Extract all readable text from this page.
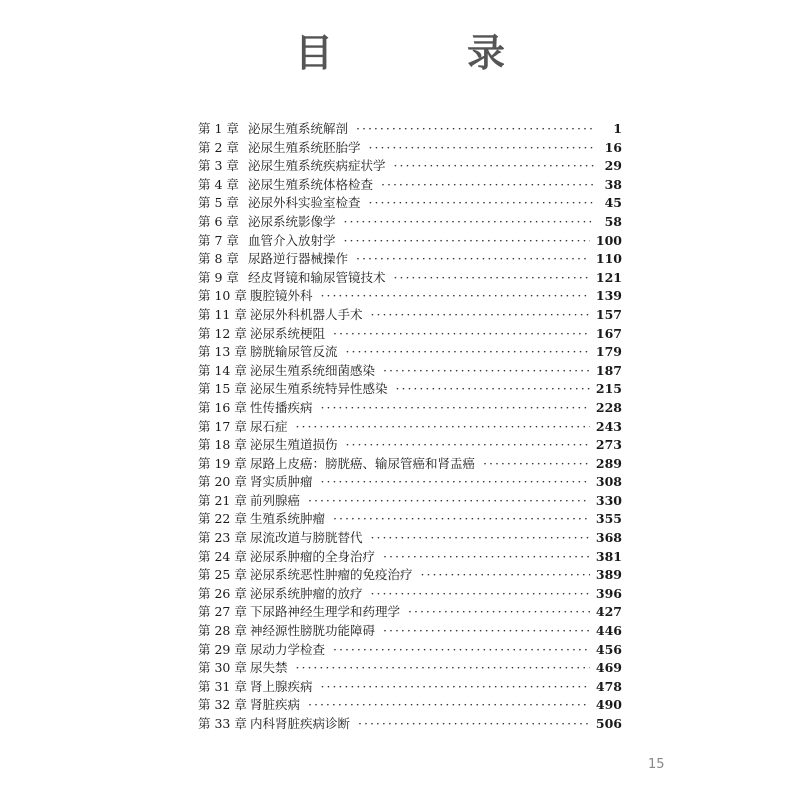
目　录
第 1 章 泌尿生殖系统解剖 ·····	1
第 2 章 泌尿生殖系统胚胎学 ·····	16
第 3 章 泌尿生殖系统疾病症状学 ·····	29
第 4 章 泌尿生殖系统体格检查 ·····	38
第 5 章 泌尿外科实验室检查 ·····	45
第 6 章 泌尿系统影像学 ·····	58
第 7 章 血管介入放射学 ·····	100
第 8 章 尿路逆行器械操作 ·····	110
第 9 章 经皮肾镜和输尿管镜技术 ·····	121
第 10 章 腹腔镜外科 ·····	139
第 11 章 泌尿外科机器人手术 ·····	157
第 12 章 泌尿系统梗阻 ·····	167
第 13 章 膀胱输尿管反流 ·····	179
第 14 章 泌尿生殖系统细菌感染 ·····	187
第 15 章 泌尿生殖系统特异性感染 ·····	215
第 16 章 性传播疾病 ·····	228
第 17 章 尿石症 ·····	243
第 18 章 泌尿生殖道损伤 ·····	273
第 19 章 尿路上皮癌：膀胱癌、输尿管癌和肾盂癌 ·····	289
第 20 章 肾实质肿瘤 ·····	308
第 21 章 前列腺癌 ·····	330
第 22 章 生殖系统肿瘤 ·····	355
第 23 章 尿流改道与膀胱替代 ·····	368
第 24 章 泌尿系肿瘤的全身治疗 ·····	381
第 25 章 泌尿系统恶性肿瘤的免疫治疗 ·····	389
第 26 章 泌尿系统肿瘤的放疗 ·····	396
第 27 章 下尿路神经生理学和药理学 ·····	427
第 28 章 神经源性膀胱功能障碍 ·····	446
第 29 章 尿动力学检查 ·····	456
第 30 章 尿失禁 ·····	469
第 31 章 肾上腺疾病 ·····	478
第 32 章 肾脏疾病 ·····	490
第 33 章 内科肾脏疾病诊断 ·····	506
15
